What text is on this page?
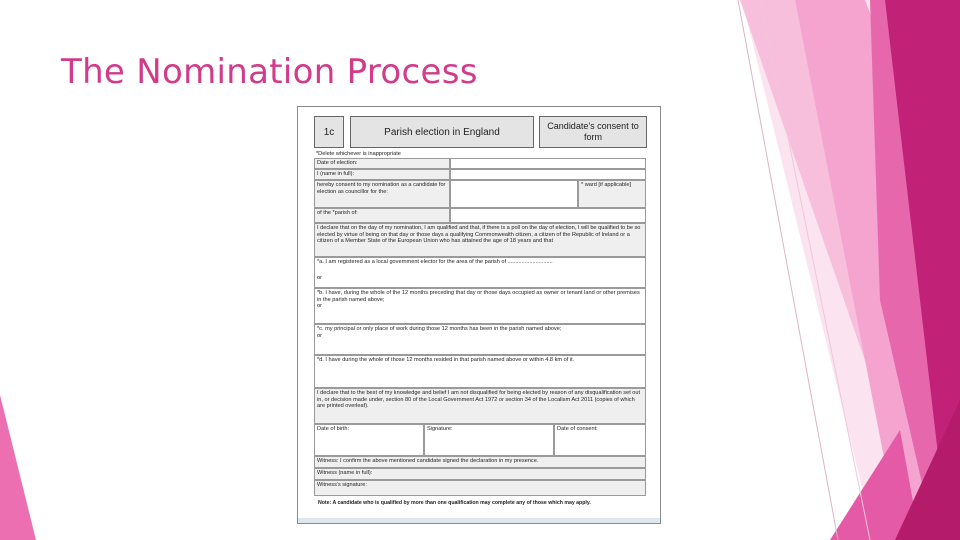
The Nomination Process
1c	Parish election in England
Candidate’s consent to form
*Delete whichever is inappropriate
Date of election:
I (name in full):
hereby consent to my nomination as a candidate for election as councillor for the:
* ward [if applicable]
of the *parish of:
I declare that on the day of my nomination, I am qualified and that, if there is a poll on the day of election, I will be qualified to be so elected by virtue of being on that day or those days a qualifying Commonwealth citizen, a citizen of the Republic of Ireland or a citizen of a Member State of the European Union who has attained the age of 18 years and that
*a. I am registered as a local government elector for the area of the parish of .............................
or
*b. I have, during the whole of the 12 months preceding that day or those days occupied as owner or tenant land or other premises in the parish named above;
or
*c. my principal or only place of work during those 12 months has been in the parish named above;
or
*d. I have during the whole of those 12 months resided in that parish named above or within 4.8 km of it.
I declare that to the best of my knowledge and belief I am not disqualified for being elected by reason of any disqualification set out in, or decision made under, section 80 of the Local Government Act 1972 or section 34 of the Localism Act 2011 (copies of which are printed overleaf).
Date of birth:	Signature:	Date of consent:
Witness: I confirm the above mentioned candidate signed the declaration in my presence.
Witness (name in full):
Witness's signature:
Note: A candidate who is qualified by more than one qualification may complete any of those which may apply.
